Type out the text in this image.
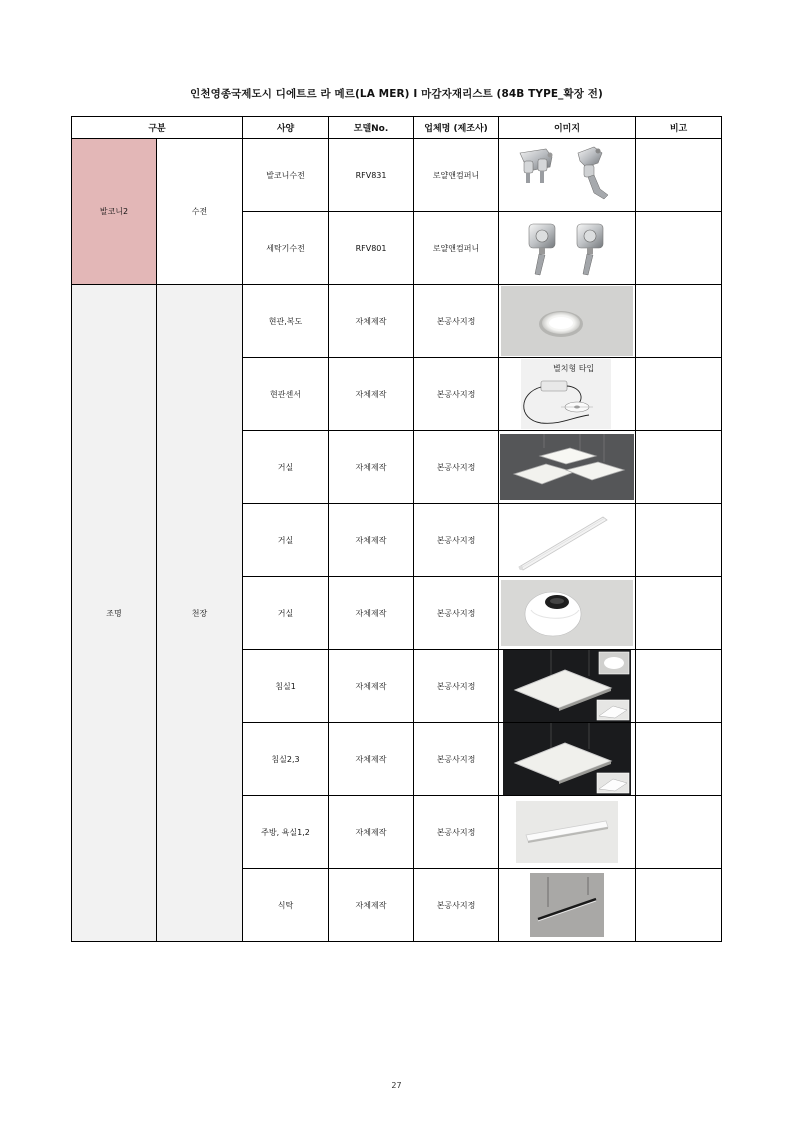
인천영종국제도시 디에트르 라 메르(LA MER) I 마감자재리스트 (84B TYPE_확장 전)
구분		사양	모델No.	업체명 (제조사)	이미지	비고
발코니2	수전	발코니수전	RFV831	로얄앤컴퍼니	

		세탁기수전	RFV801	로얄앤컴퍼니	

조명	천장	현관,복도	자체제작	본공사지정	

		현관센서	자체제작	본공사지정	별치형 타입	

		거실	자체제작	본공사지정	

		거실	자체제작	본공사지정	

		거실	자체제작	본공사지정	

		침실1	자체제작	본공사지정	

		침실2,3	자체제작	본공사지정	

		주방, 욕실1,2	자체제작	본공사지정	

		식탁	자체제작	본공사지정	

27
